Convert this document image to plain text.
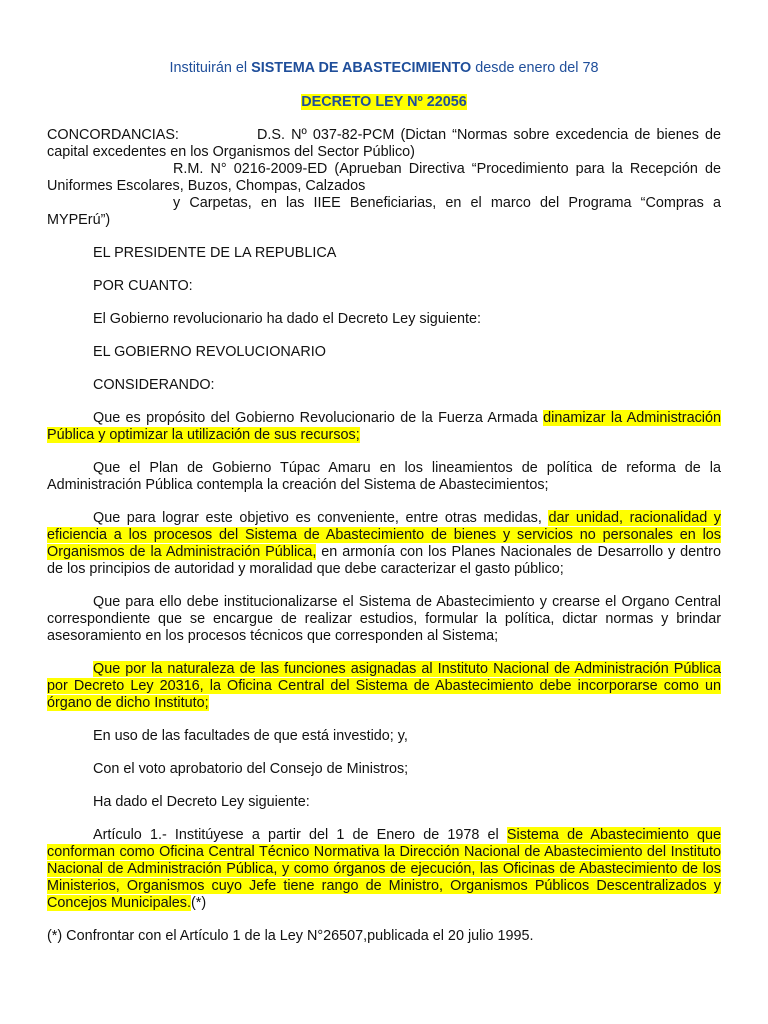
Instituirán el SISTEMA DE ABASTECIMIENTO desde enero del 78

DECRETO LEY Nº 22056
CONCORDANCIAS:	D.S. Nº 037-82-PCM (Dictan “Normas sobre excedencia de bienes de

capital excedentes en los Organismos del Sector Público)

R.M. N° 0216-2009-ED (Aprueban Directiva “Procedimiento para la Recepción de

Uniformes Escolares, Buzos, Chompas, Calzados

y Carpetas, en las IIEE Beneficiarias, en el marco del Programa “Compras a

MYPErú”)

EL PRESIDENTE DE LA REPUBLICA

POR CUANTO:

El Gobierno revolucionario ha dado el Decreto Ley siguiente:

EL GOBIERNO REVOLUCIONARIO

CONSIDERANDO:

Que es propósito del Gobierno Revolucionario de la Fuerza Armada dinamizar la Administración Pública y optimizar la utilización de sus recursos;

Que el Plan de Gobierno Túpac Amaru en los lineamientos de política de reforma de la Administración Pública contempla la creación del Sistema de Abastecimientos;

Que para lograr este objetivo es conveniente, entre otras medidas, dar unidad, racionalidad y eficiencia a los procesos del Sistema de Abastecimiento de bienes y servicios no personales en los Organismos de la Administración Pública, en armonía con los Planes Nacionales de Desarrollo y dentro de los principios de autoridad y moralidad que debe caracterizar el gasto público;

Que para ello debe institucionalizarse el Sistema de Abastecimiento y crearse el Organo Central correspondiente que se encargue de realizar estudios, formular la política, dictar normas y brindar asesoramiento en los procesos técnicos que corresponden al Sistema;

Que por la naturaleza de las funciones asignadas al Instituto Nacional de Administración Pública por Decreto Ley 20316, la Oficina Central del Sistema de Abastecimiento debe incorporarse como un órgano de dicho Instituto;

En uso de las facultades de que está investido; y,

Con el voto aprobatorio del Consejo de Ministros;

Ha dado el Decreto Ley siguiente:

Artículo 1.- Institúyese a partir del 1 de Enero de 1978 el Sistema de Abastecimiento que conforman como Oficina Central Técnico Normativa la Dirección Nacional de Abastecimiento del Instituto Nacional de Administración Pública, y como órganos de ejecución, las Oficinas de Abastecimiento de los Ministerios, Organismos cuyo Jefe tiene rango de Ministro, Organismos Públicos Descentralizados y Concejos Municipales.(*)

(*) Confrontar con el Artículo 1 de la Ley N°26507,publicada el 20 julio 1995.
